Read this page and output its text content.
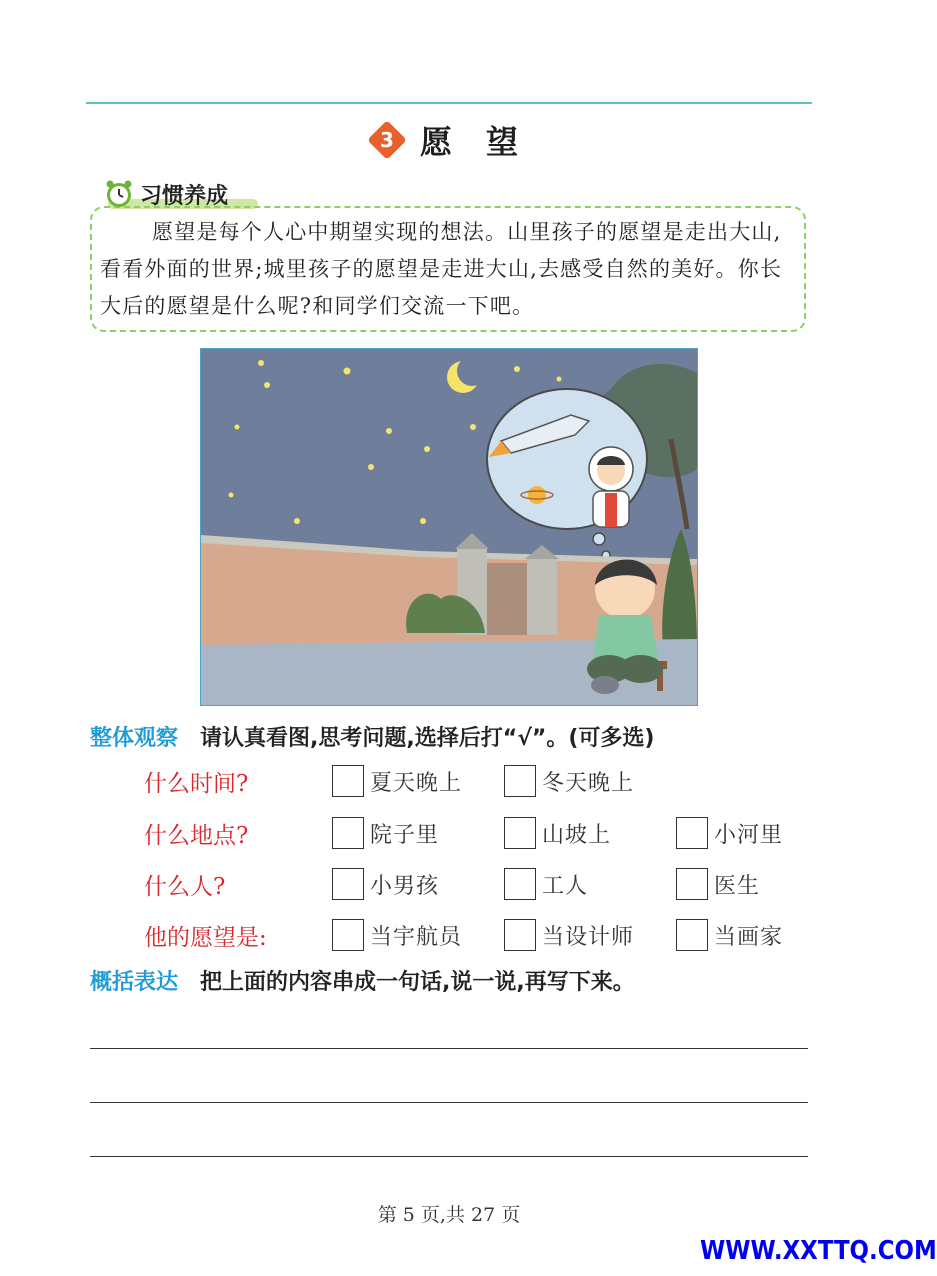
3 愿望
习惯养成

愿望是每个人心中期望实现的想法。山里孩子的愿望是走出大山,看看外面的世界;城里孩子的愿望是走进大山,去感受自然的美好。你长大后的愿望是什么呢?和同学们交流一下吧。

整体观察 请认真看图,思考问题,选择后打“√”。(可多选)
什么时间?	夏天晚上	冬天晚上
什么地点?	院子里	山坡上	小河里
什么人?	小男孩	工人	医生
他的愿望是:	当宇航员	当设计师	当画家
概括表达 把上面的内容串成一句话,说一说,再写下来。
第 5 页,共 27 页
WWW.XXTTQ.COM
